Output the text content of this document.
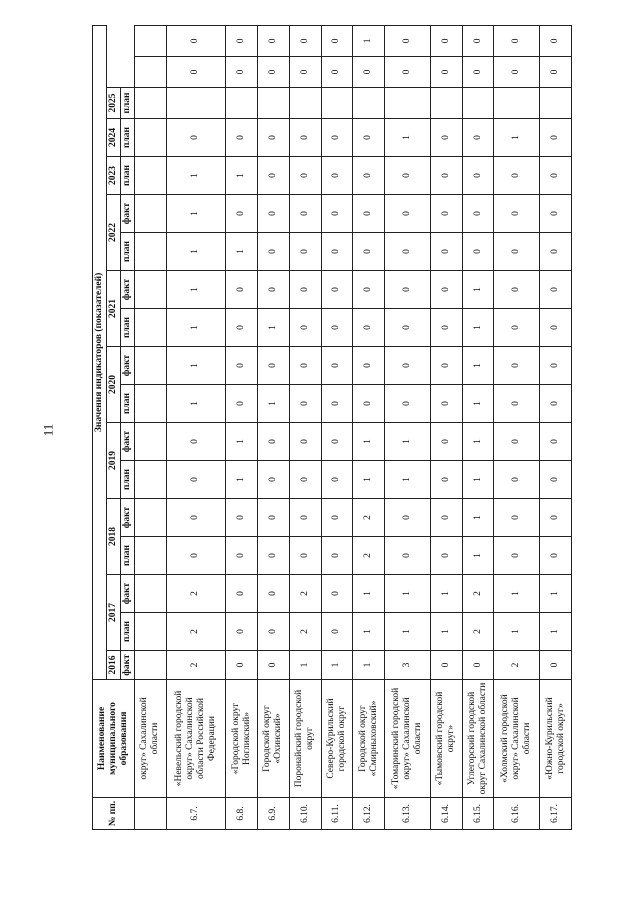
11
№ пп.	Наименование муниципального образования	Значения индикаторов (показателей)																	
		2016	2017		2018		2019		2020		2021		2022		2023	2024	2025		
		факт	план	факт	план	факт	план	факт	план	факт	план	факт	план	факт	план	план	план		
	округ» Сахалинской области																		
6.7.	«Невельский городской округ» Сахалинской области Российской Федерации	2	2	2	0	0	0	0	1	1	1	1	1	1	1	0		0	0
6.8.	«Городской округ Ногликский»	0	0	0	0	0	1	1	0	0	0	0	1	0	1	0		0	0
6.9.	Городской округ «Охинский»	0	0	0	0	0	0	0	1	0	1	0	0	0	0	0		0	0
6.10.	Поронайский городской округ	1	2	2	0	0	0	0	0	0	0	0	0	0	0	0		0	0
6.11.	Северо-Курильский городской округ	1	0	0	0	0	0	0	0	0	0	0	0	0	0	0		0	0
6.12.	Городской округ «Смирныховский»	1	1	1	2	2	1	1	0	0	0	0	0	0	0	0		0	1
6.13.	«Томаринский городской округ» Сахалинской области	3	1	1	0	0	1	1	0	0	0	0	0	0	0	1		0	0
6.14.	«Тымовский городской округ»	0	1	1	0	0	0	0	0	0	0	0	0	0	0	0		0	0
6.15.	Углегорский городской округ Сахалинской области	0	2	2	1	1	1	1	1	1	1	1	0	0	0	0		0	0
6.16.	«Холмский городской округ» Сахалинской области	2	1	1	0	0	0	0	0	0	0	0	0	0	0	1		0	0
6.17.	«Южно-Курильский городской округ»	0	1	1	0	0	0	0	0	0	0	0	0	0	0	0		0	0
